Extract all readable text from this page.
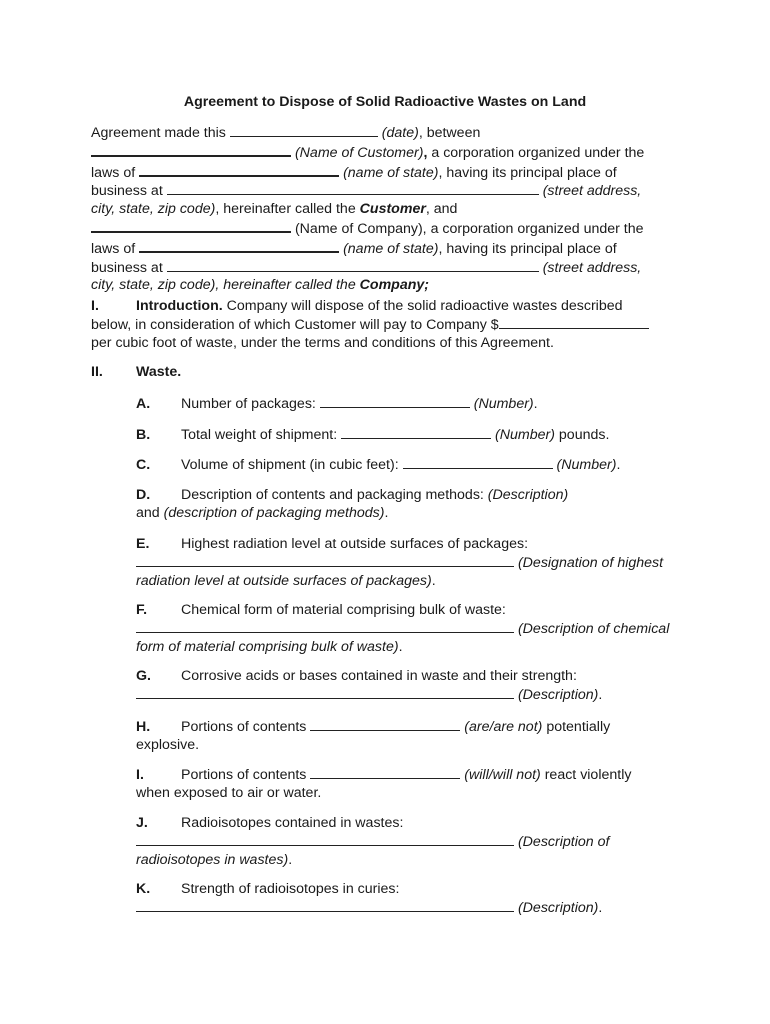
Agreement to Dispose of Solid Radioactive Wastes on Land
Agreement made this	(date), between
(Name of Customer), a corporation organized under the
laws of	(name of state), having its principal place of
business at	(street address,
city, state, zip code), hereinafter called the Customer, and
(Name of Company), a corporation organized under the
laws of	(name of state), having its principal place of
business at	(street address,
city, state, zip code), hereinafter called the Company;
I.	Introduction. Company will dispose of the solid radioactive wastes described
below, in consideration of which Customer will pay to Company $
per cubic foot of waste, under the terms and conditions of this Agreement.
II. Waste.
A. Number of packages:	(Number).
B. Total weight of shipment:	(Number) pounds.
C. Volume of shipment (in cubic feet):	(Number).
D. Description of contents and packaging methods: (Description)
and (description of packaging methods).
E. Highest radiation level at outside surfaces of packages:
(Designation of highest
radiation level at outside surfaces of packages).
F. Chemical form of material comprising bulk of waste:
(Description of chemical
form of material comprising bulk of waste).
G. Corrosive acids or bases contained in waste and their strength:
(Description).
H. Portions of contents	(are/are not) potentially
explosive.
I.	Portions of contents	(will/will not) react violently
when exposed to air or water.
J. Radioisotopes contained in wastes:
(Description of
radioisotopes in wastes).
K. Strength of radioisotopes in curies:
(Description).
